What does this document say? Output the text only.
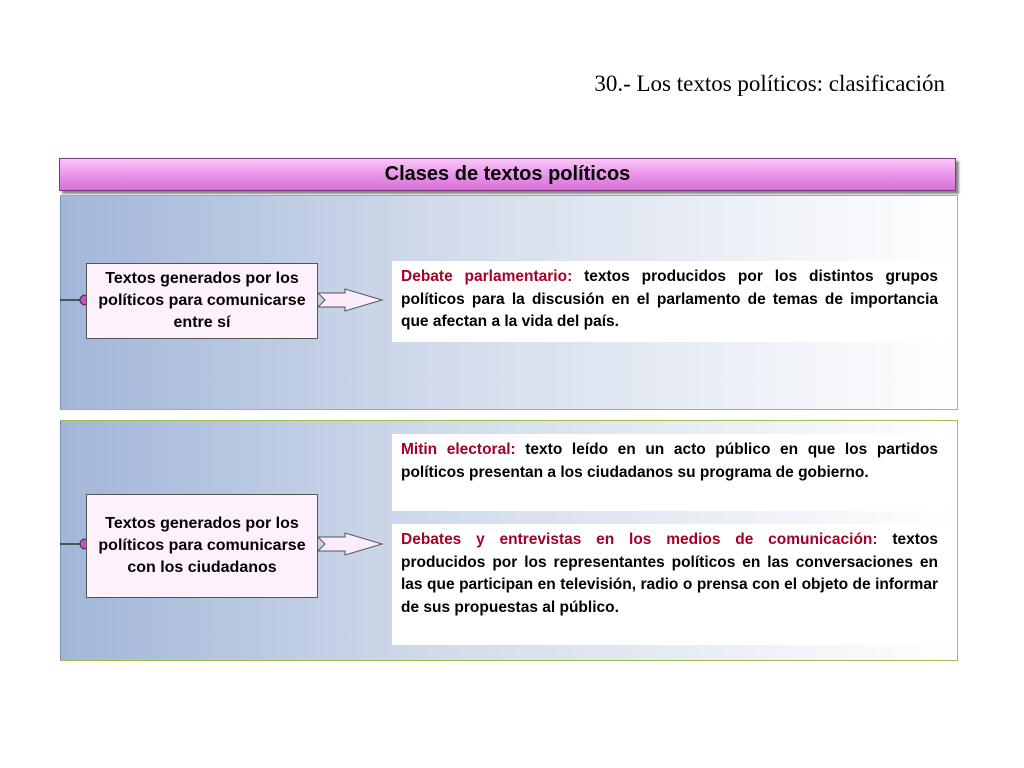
30.- Los textos políticos: clasificación
Clases de textos políticos
Textos generados por los políticos para comunicarse entre sí
Textos generados por los políticos para comunicarse con los ciudadanos
Debate parlamentario: textos producidos por los distintos grupos políticos para la discusión en el parlamento de temas de importancia que afectan a la vida del país.
Mitin electoral: texto leído en un acto público en que los partidos políticos presentan a los ciudadanos su programa de gobierno.
Debates y entrevistas en los medios de comunicación: textos producidos por los representantes políticos en las conversaciones en las que participan en televisión, radio o prensa con el objeto de informar de sus propuestas al público.
